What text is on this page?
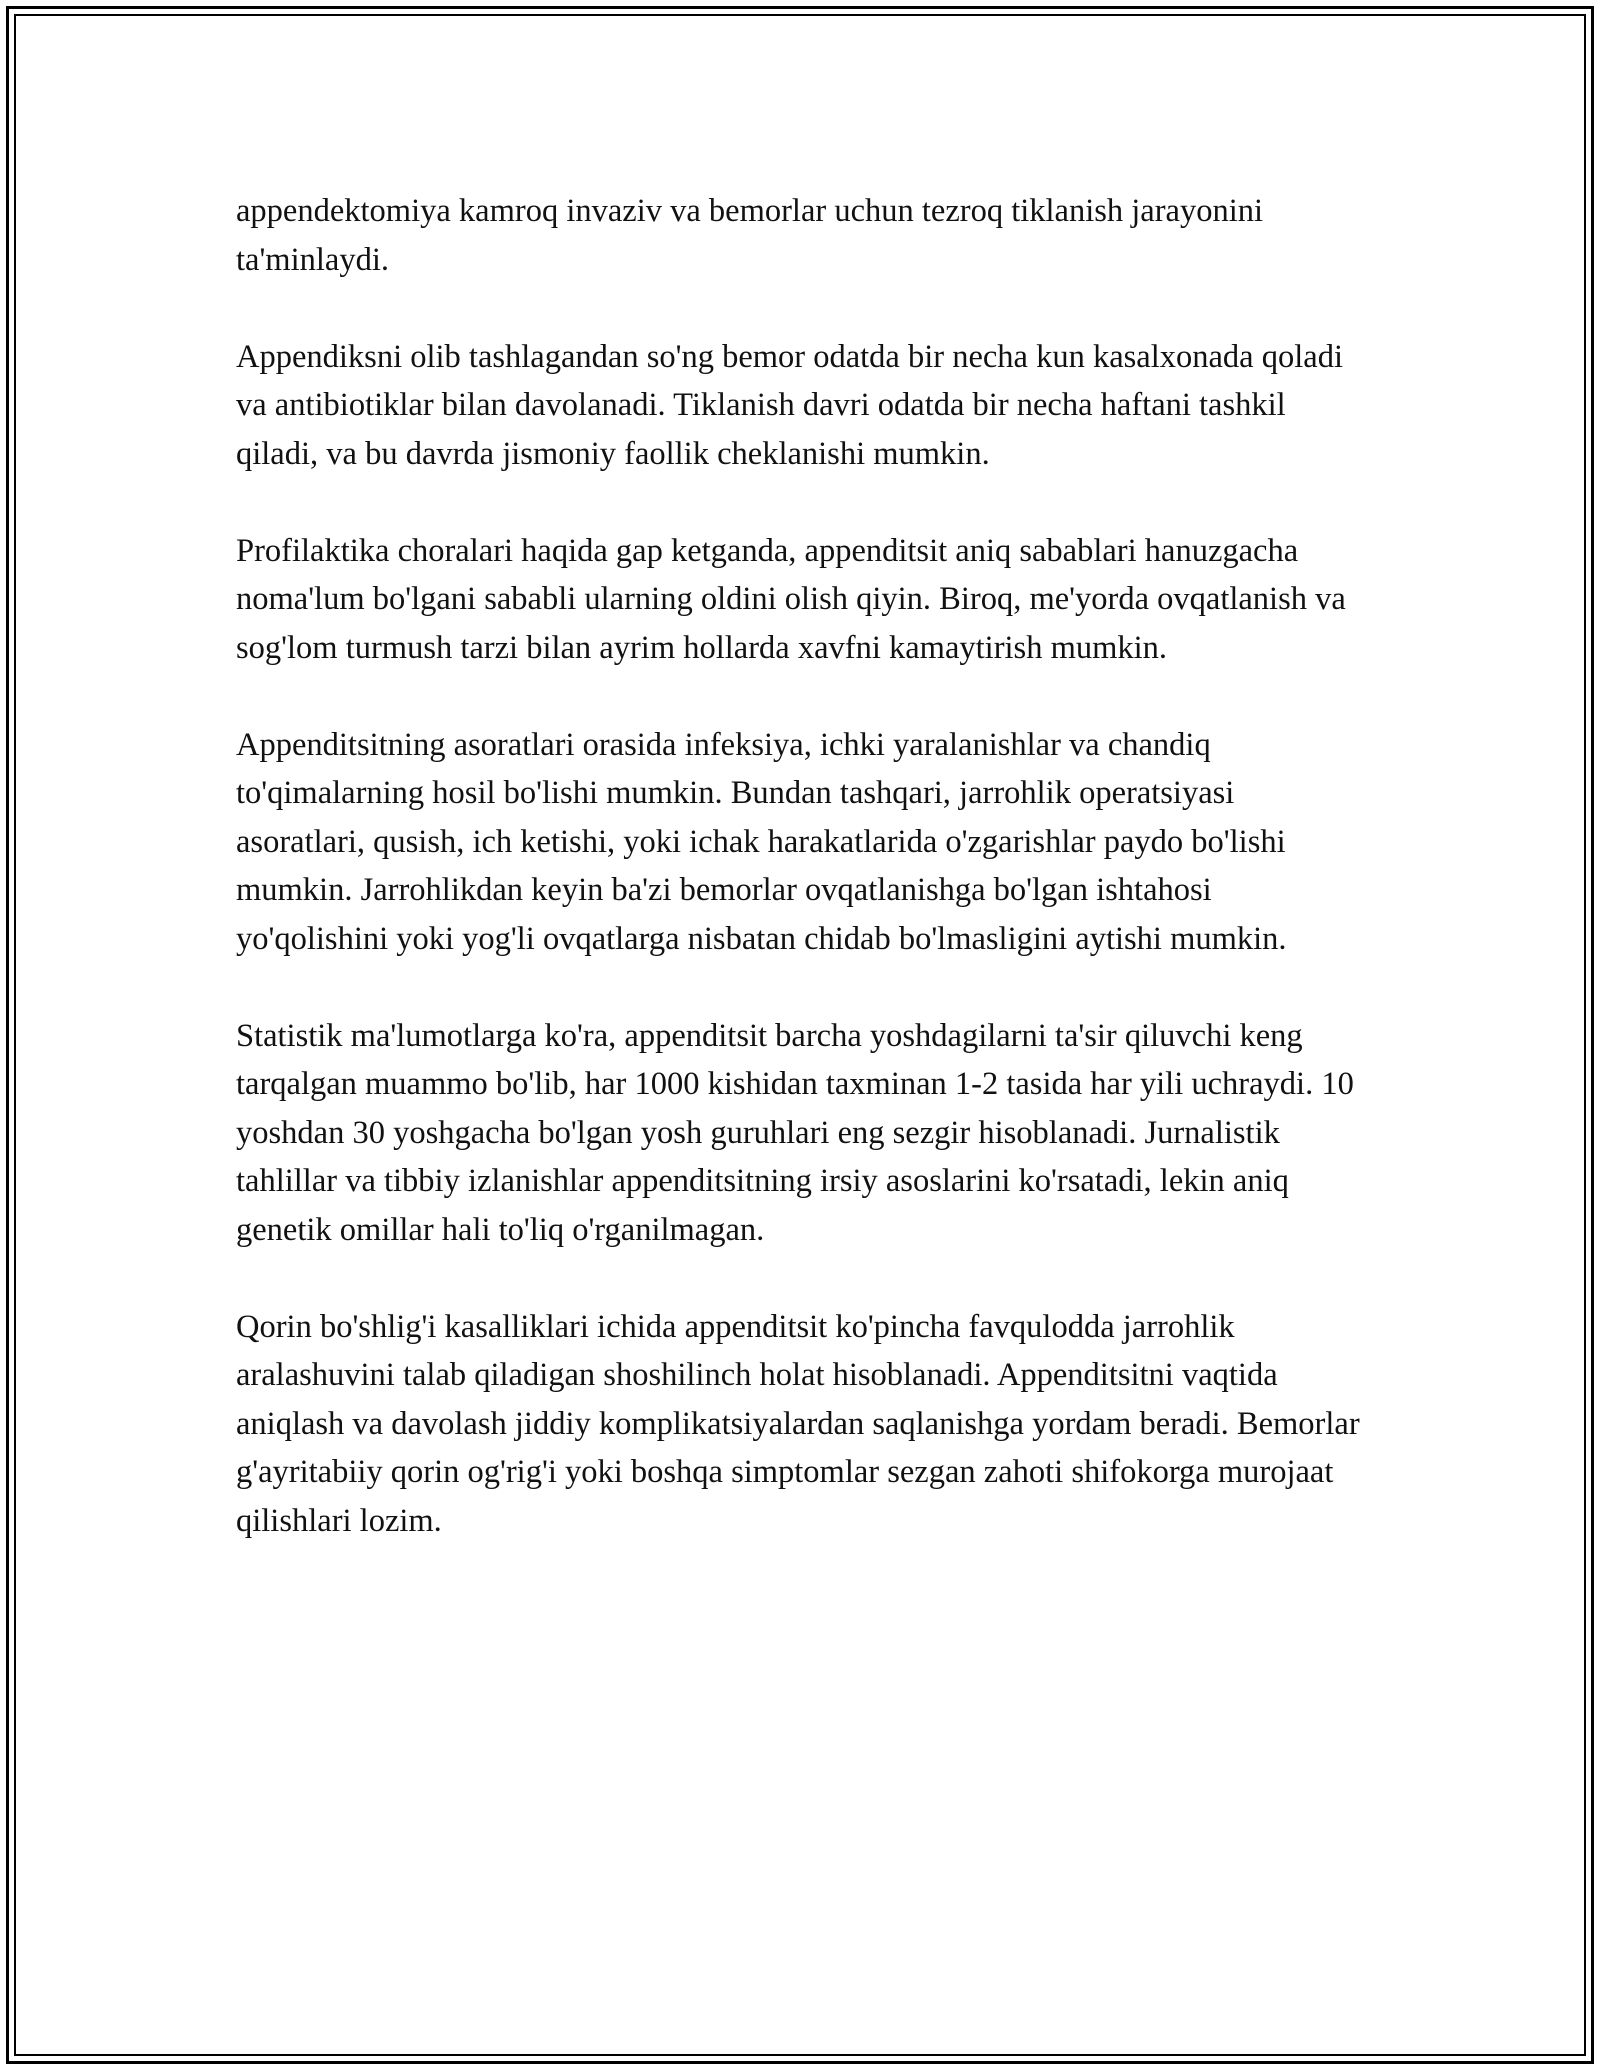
appendektomiya kamroq invaziv va bemorlar uchun tezroq tiklanish jarayonini ta'minlaydi.

Appendiksni olib tashlagandan so'ng bemor odatda bir necha kun kasalxonada qoladi va antibiotiklar bilan davolanadi. Tiklanish davri odatda bir necha haftani tashkil qiladi, va bu davrda jismoniy faollik cheklanishi mumkin.

Profilaktika choralari haqida gap ketganda, appenditsit aniq sabablari hanuzgacha noma'lum bo'lgani sababli ularning oldini olish qiyin. Biroq, me'yorda ovqatlanish va sog'lom turmush tarzi bilan ayrim hollarda xavfni kamaytirish mumkin.

Appenditsitning asoratlari orasida infeksiya, ichki yaralanishlar va chandiq to'qimalarning hosil bo'lishi mumkin. Bundan tashqari, jarrohlik operatsiyasi asoratlari, qusish, ich ketishi, yoki ichak harakatlarida o'zgarishlar paydo bo'lishi mumkin. Jarrohlikdan keyin ba'zi bemorlar ovqatlanishga bo'lgan ishtahosi yo'qolishini yoki yog'li ovqatlarga nisbatan chidab bo'lmasligini aytishi mumkin.

Statistik ma'lumotlarga ko'ra, appenditsit barcha yoshdagilarni ta'sir qiluvchi keng tarqalgan muammo bo'lib, har 1000 kishidan taxminan 1-2 tasida har yili uchraydi. 10 yoshdan 30 yoshgacha bo'lgan yosh guruhlari eng sezgir hisoblanadi. Jurnalistik tahlillar va tibbiy izlanishlar appenditsitning irsiy asoslarini ko'rsatadi, lekin aniq genetik omillar hali to'liq o'rganilmagan.

Qorin bo'shlig'i kasalliklari ichida appenditsit ko'pincha favqulodda jarrohlik aralashuvini talab qiladigan shoshilinch holat hisoblanadi. Appenditsitni vaqtida aniqlash va davolash jiddiy komplikatsiyalardan saqlanishga yordam beradi. Bemorlar g'ayritabiiy qorin og'rig'i yoki boshqa simptomlar sezgan zahoti shifokorga murojaat qilishlari lozim.
